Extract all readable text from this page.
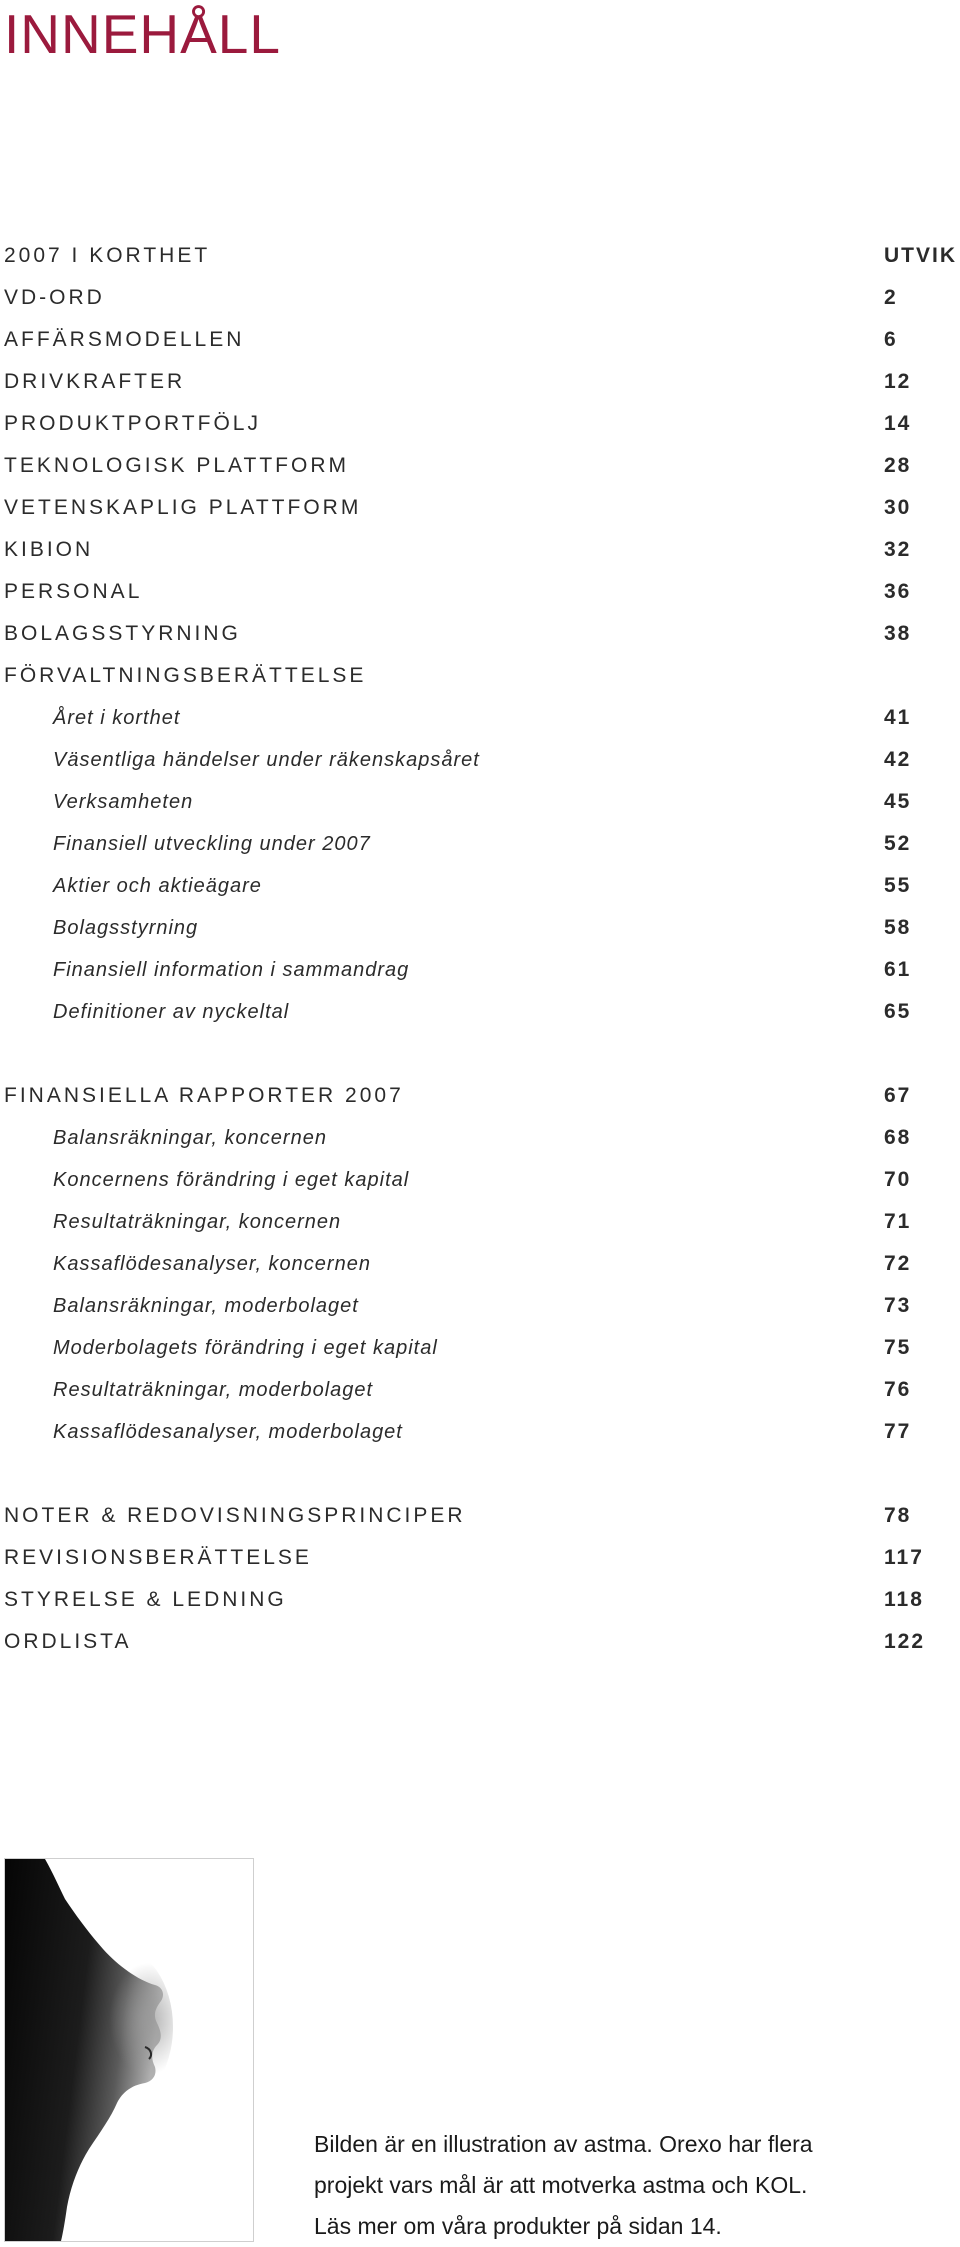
INNEHÅLL
2007 I KORTHET	UTVIK
VD-ORD	2
AFFÄRSMODELLEN	6
DRIVKRAFTER	12
PRODUKTPORTFÖLJ	14
TEKNOLOGISK PLATTFORM	28
VETENSKAPLIG PLATTFORM	30
KIBION	32
PERSONAL	36
BOLAGSSTYRNING	38
FÖRVALTNINGSBERÄTTELSE
Året i korthet	41
Väsentliga händelser under räkenskapsåret	42
Verksamheten	45
Finansiell utveckling under 2007	52
Aktier och aktieägare	55
Bolagsstyrning	58
Finansiell information i sammandrag	61
Definitioner av nyckeltal	65
FINANSIELLA RAPPORTER 2007	67
Balansräkningar, koncernen	68
Koncernens förändring i eget kapital	70
Resultaträkningar, koncernen	71
Kassaflödesanalyser, koncernen	72
Balansräkningar, moderbolaget	73
Moderbolagets förändring i eget kapital	75
Resultaträkningar, moderbolaget	76
Kassaflödesanalyser, moderbolaget	77
NOTER & REDOVISNINGSPRINCIPER	78
REVISIONSBERÄTTELSE	117
STYRELSE & LEDNING	118
ORDLISTA	122
Bilden är en illustration av astma. Orexo har flera
projekt vars mål är att motverka astma och KOL.
Läs mer om våra produkter på sidan 14.
